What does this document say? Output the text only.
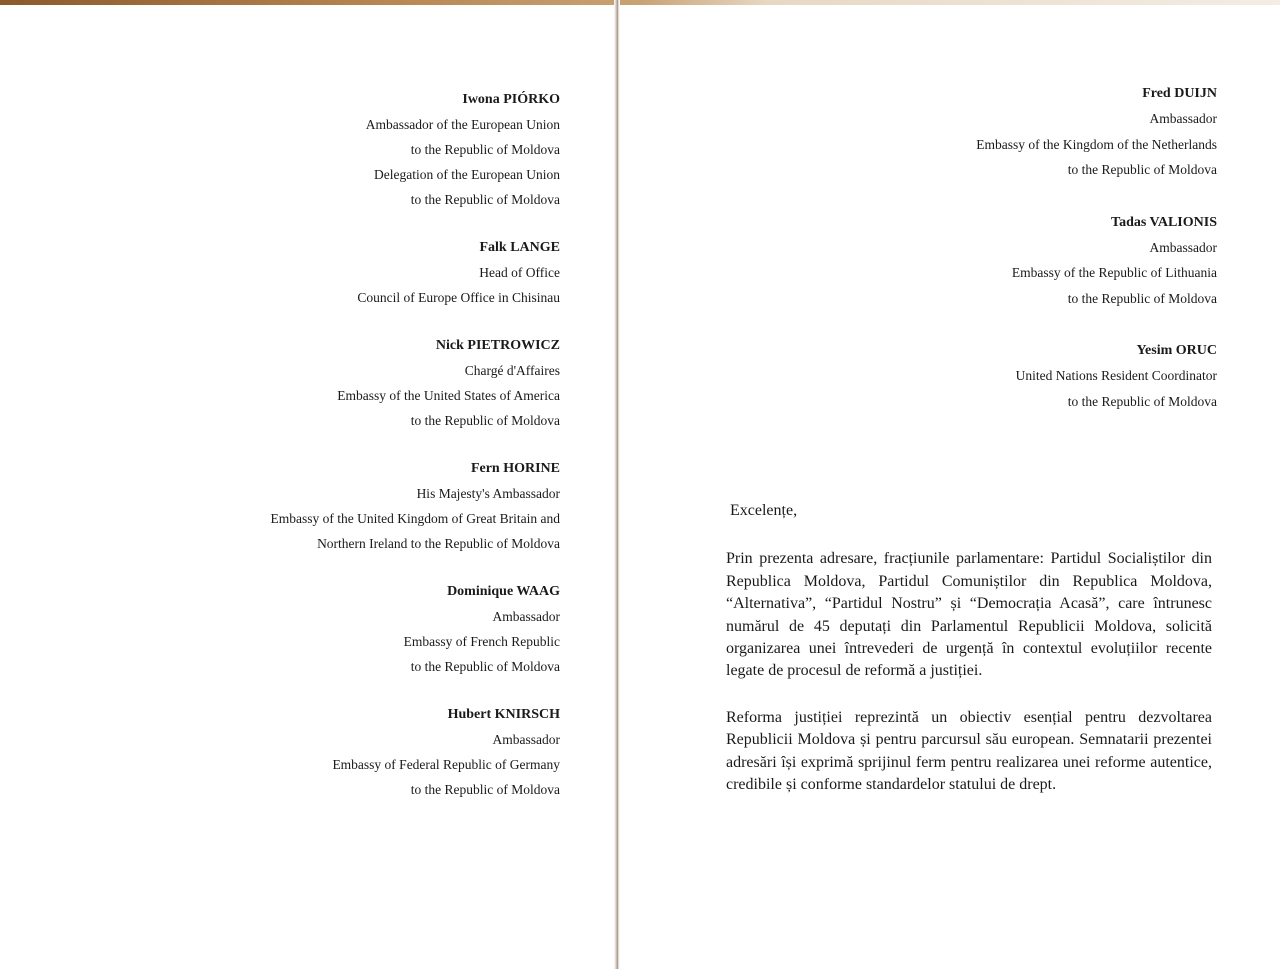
Iwona PIÓRKO
Ambassador of the European Union
to the Republic of Moldova
Delegation of the European Union
to the Republic of Moldova
Falk LANGE
Head of Office
Council of Europe Office in Chisinau
Nick PIETROWICZ
Chargé d'Affaires
Embassy of the United States of America
to the Republic of Moldova
Fern HORINE
His Majesty's Ambassador
Embassy of the United Kingdom of Great Britain and
Northern Ireland to the Republic of Moldova
Dominique WAAG
Ambassador
Embassy of French Republic
to the Republic of Moldova
Hubert KNIRSCH
Ambassador
Embassy of Federal Republic of Germany
to the Republic of Moldova
Fred DUIJN
Ambassador
Embassy of the Kingdom of the Netherlands
to the Republic of Moldova
Tadas VALIONIS
Ambassador
Embassy of the Republic of Lithuania
to the Republic of Moldova
Yesim ORUC
United Nations Resident Coordinator
to the Republic of Moldova
Excelențe,

Prin prezenta adresare, fracțiunile parlamentare: Partidul Socialiștilor din Republica Moldova, Partidul Comuniștilor din Republica Moldova, “Alternativa”, “Partidul Nostru” și “Democrația Acasă”, care întrunesc numărul de 45 deputați din Parlamentul Republicii Moldova, solicită organizarea unei întrevederi de urgență în contextul evoluțiilor recente legate de procesul de reformă a justiției.

Reforma justiției reprezintă un obiectiv esențial pentru dezvoltarea Republicii Moldova și pentru parcursul său european. Semnatarii prezentei adresări își exprimă sprijinul ferm pentru realizarea unei reforme autentice, credibile și conforme standardelor statului de drept.
